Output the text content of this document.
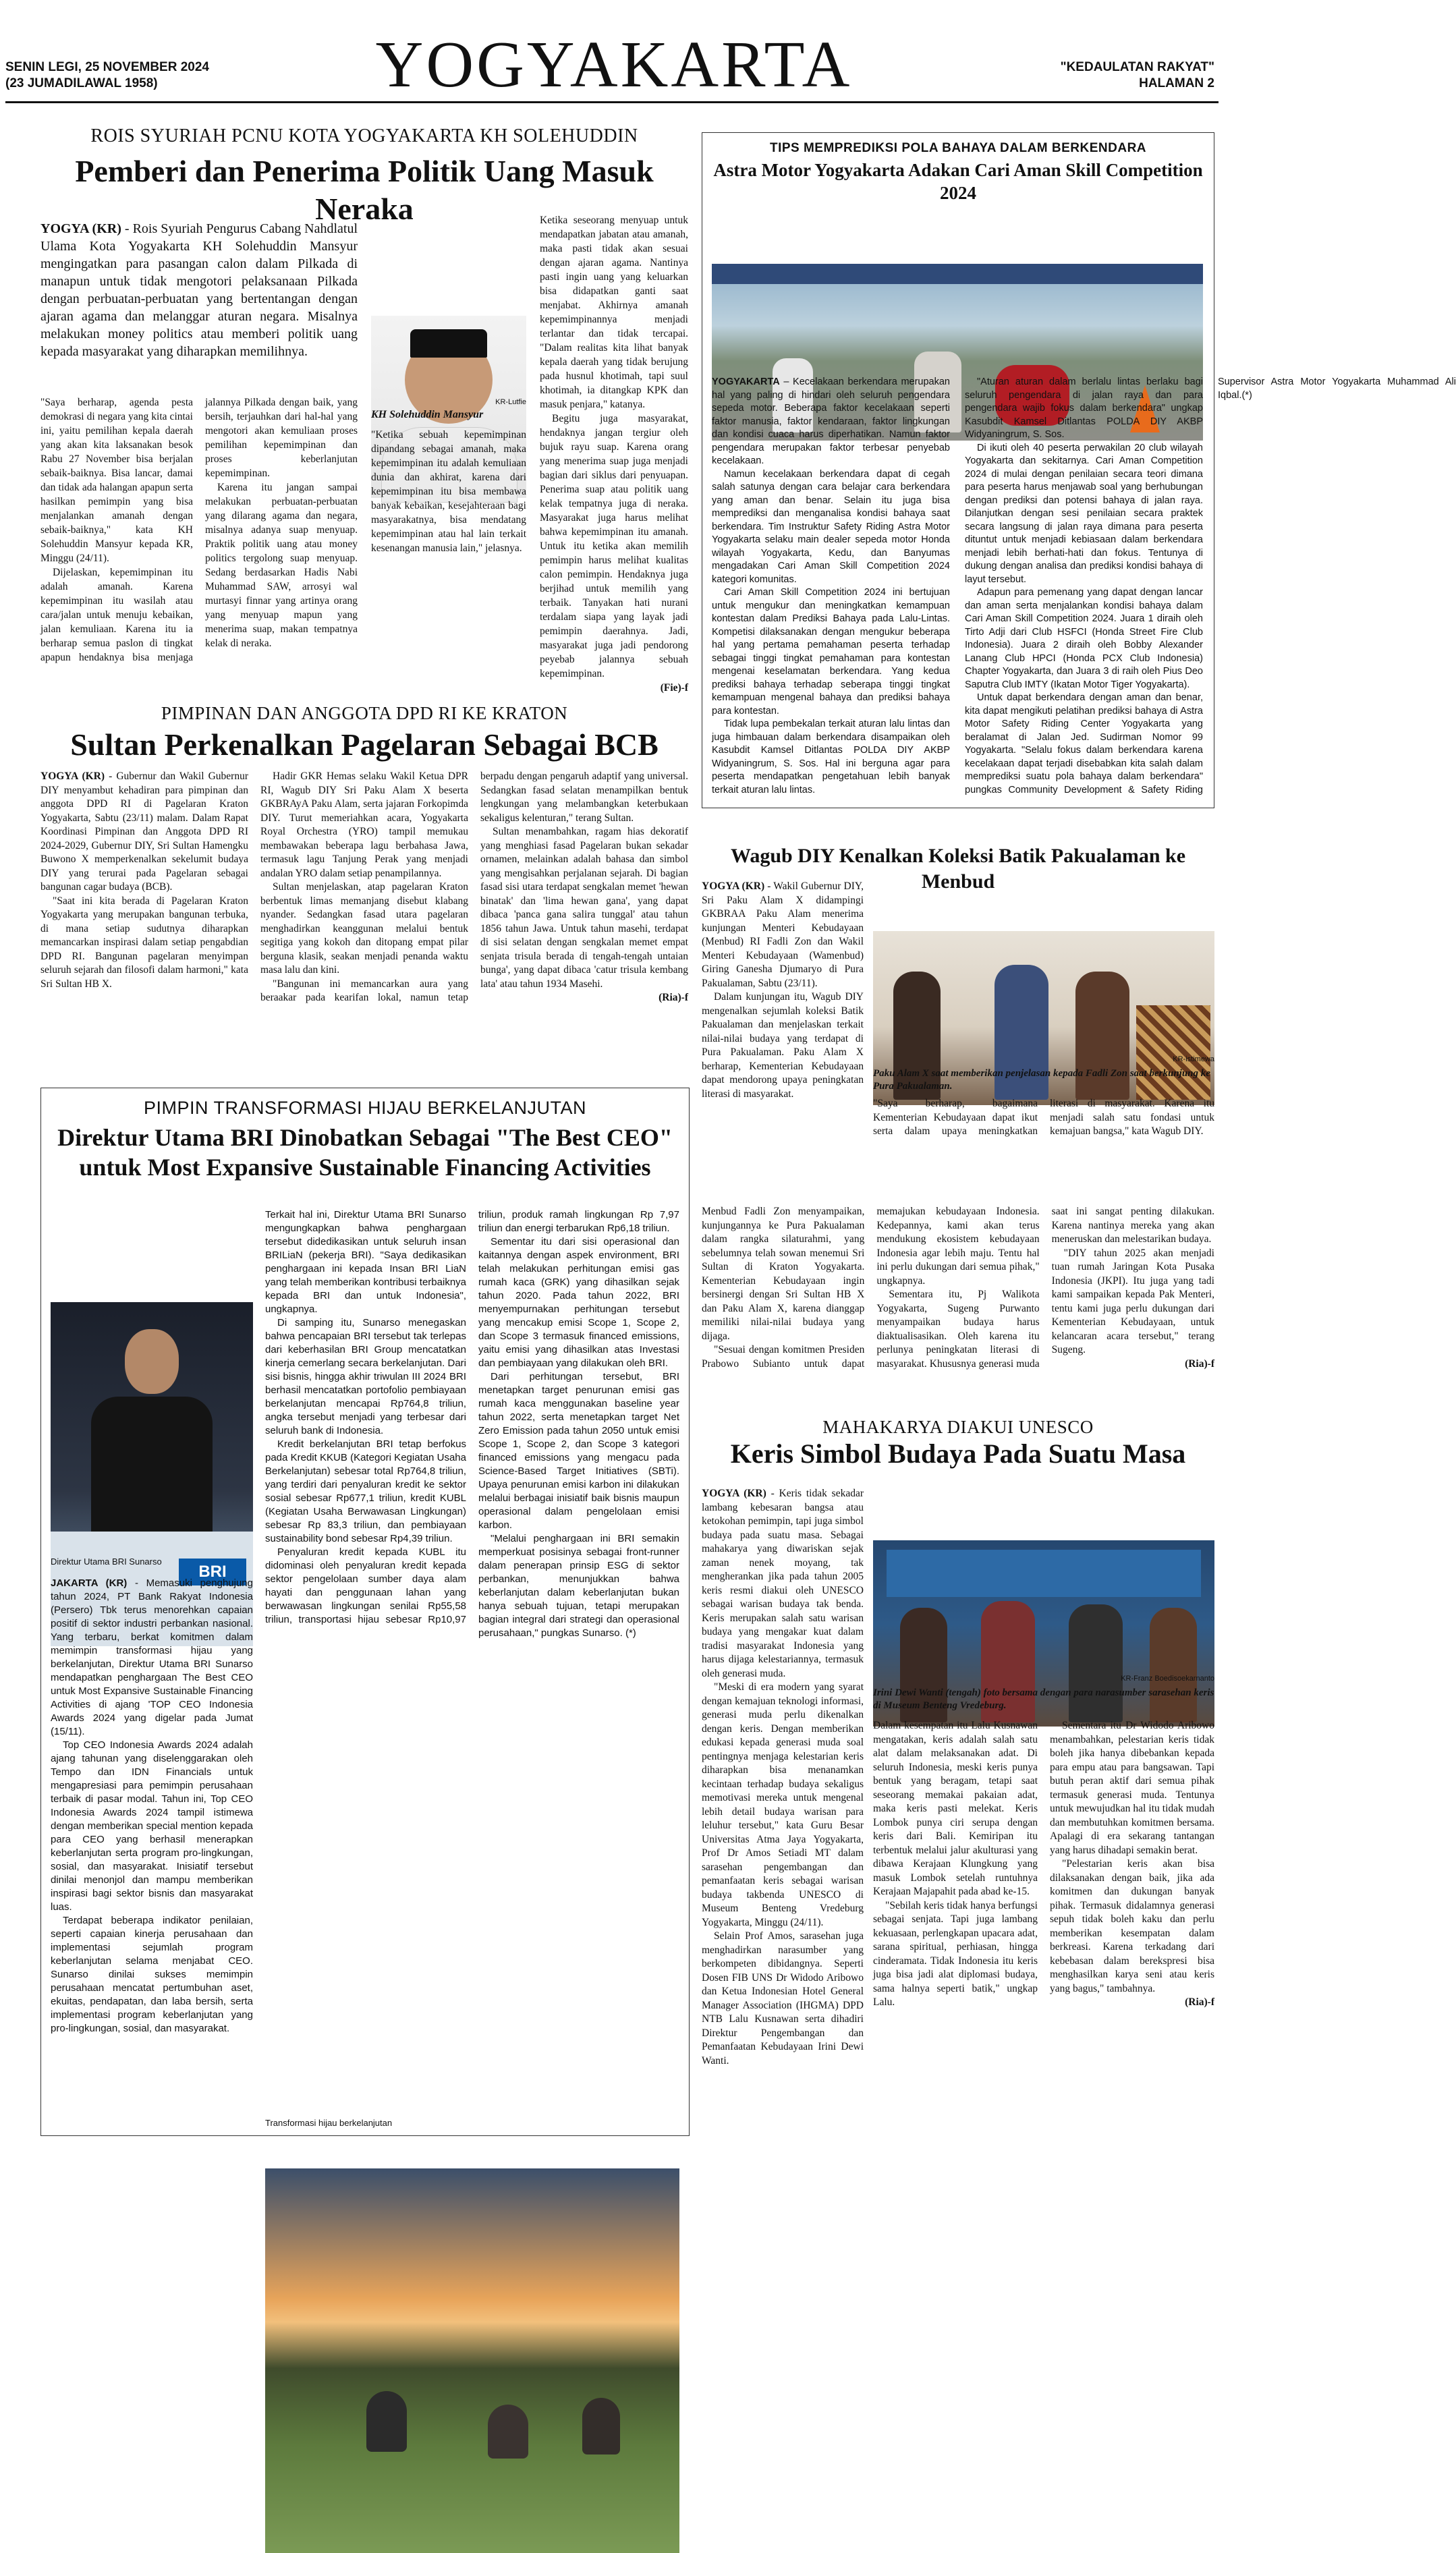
SENIN LEGI, 25 NOVEMBER 2024
(23 JUMADILAWAL 1958)	YOGYAKARTA	"KEDAULATAN RAKYAT"
HALAMAN 2
ROIS SYURIAH PCNU KOTA YOGYAKARTA KH SOLEHUDDIN
Pemberi dan Penerima Politik Uang Masuk Neraka
KR-Lutfie
KH Solehuddin Mansyur
YOGYA (KR) - Rois Syuriah Pengurus Cabang Nahdlatul Ulama Kota Yogyakarta KH Solehuddin Mansyur mengingatkan para pasangan calon dalam Pilkada di manapun untuk tidak mengotori pelaksanaan Pilkada dengan perbuatan-perbuatan yang bertentangan dengan ajaran agama dan melanggar aturan negara. Misalnya melakukan money politics atau memberi politik uang kepada masyarakat yang diharapkan memilihnya.

"Saya berharap, agenda pesta demokrasi di negara yang kita cintai ini, yaitu pemilihan kepala daerah yang akan kita laksanakan besok Rabu 27 November bisa berjalan sebaik-baiknya. Bisa lancar, damai dan tidak ada halangan apapun serta hasilkan pemimpin yang bisa menjalankan amanah dengan sebaik-baiknya," kata KH Solehuddin Mansyur kepada KR, Minggu (24/11).

Dijelaskan, kepemimpinan itu adalah amanah. Karena kepemimpinan itu wasilah atau cara/jalan untuk menuju kebaikan, jalan kemuliaan. Karena itu ia berharap semua paslon di tingkat apapun hendaknya bisa menjaga jalannya Pilkada dengan baik, yang bersih, terjauhkan dari hal-hal yang mengotori akan kemuliaan proses pemilihan kepemimpinan dan proses keberlanjutan kepemimpinan.

Karena itu jangan sampai melakukan perbuatan-perbuatan yang dilarang agama dan negara, misalnya adanya suap menyuap. Praktik politik uang atau money politics tergolong suap menyuap. Sedang berdasarkan Hadis Nabi Muhammad SAW, arrosyi wal murtasyi finnar yang artinya orang yang menyuap mapun yang menerima suap, makan tempatnya kelak di neraka.

"Ketika sebuah kepemimpinan dipandang sebagai amanah, maka kepemimpinan itu adalah kemuliaan dunia dan akhirat, karena dari kepemimpinan itu bisa membawa banyak kebaikan, kesejahteraan bagi masyarakatnya, bisa mendatang kepemimpinan atau hal lain terkait kesenangan manusia lain," jelasnya.

Ketika seseorang menyuap untuk mendapatkan jabatan atau amanah, maka pasti tidak akan sesuai dengan ajaran agama. Nantinya pasti ingin uang yang keluarkan bisa didapatkan ganti saat menjabat. Akhirnya amanah kepemimpinannya menjadi terlantar dan tidak tercapai. "Dalam realitas kita lihat banyak kepala daerah yang tidak berujung pada husnul khotimah, tapi suul khotimah, ia ditangkap KPK dan masuk penjara," katanya.

Begitu juga masyarakat, hendaknya jangan tergiur oleh bujuk rayu suap. Karena orang yang menerima suap juga menjadi bagian dari siklus dari penyuapan. Penerima suap atau politik uang kelak tempatnya juga di neraka. Masyarakat juga harus melihat bahwa kepemimpinan itu amanah. Untuk itu ketika akan memilih pemimpin harus melihat kualitas calon pemimpin. Hendaknya juga berjihad untuk memilih yang terbaik. Tanyakan hati nurani terdalam siapa yang layak jadi pemimpin daerahnya. Jadi, masyarakat juga jadi pendorong peyebab jalannya sebuah kepemimpinan.

(Fie)-f
TIPS MEMPREDIKSI POLA BAHAYA DALAM BERKENDARA
Astra Motor Yogyakarta Adakan Cari Aman Skill Competition 2024

YOGYAKARTA – Kecelakaan berkendara merupakan hal yang paling di hindari oleh seluruh pengendara sepeda motor. Beberapa faktor kecelakaan seperti faktor manusia, faktor kendaraan, faktor lingkungan dan kondisi cuaca harus diperhatikan. Namun faktor pengendara merupakan faktor terbesar penyebab kecelakaan.

Namun kecelakaan berkendara dapat di cegah salah satunya dengan cara belajar cara berkendara yang aman dan benar. Selain itu juga bisa memprediksi dan menganalisa kondisi bahaya saat berkendara. Tim Instruktur Safety Riding Astra Motor Yogyakarta selaku main dealer sepeda motor Honda wilayah Yogyakarta, Kedu, dan Banyumas mengadakan Cari Aman Skill Competition 2024 kategori komunitas.

Cari Aman Skill Competition 2024 ini bertujuan untuk mengukur dan meningkatkan kemampuan kontestan dalam Prediksi Bahaya pada Lalu-Lintas. Kompetisi dilaksanakan dengan mengukur beberapa hal yang pertama pemahaman peserta terhadap sebagai tinggi tingkat pemahaman para kontestan mengenai keselamatan berkendara. Yang kedua prediksi bahaya terhadap seberapa tinggi tingkat kemampuan mengenal bahaya dan prediksi bahaya para kontestan.

Tidak lupa pembekalan terkait aturan lalu lintas dan juga himbauan dalam berkendara disampaikan oleh Kasubdit Kamsel Ditlantas POLDA DIY AKBP Widyaningrum, S. Sos. Hal ini berguna agar para peserta mendapatkan pengetahuan lebih banyak terkait aturan lalu lintas.

"Aturan aturan dalam berlalu lintas berlaku bagi seluruh pengendara di jalan raya dan para pengendara wajib fokus dalam berkendara" ungkap Kasubdit Kamsel Ditlantas POLDA DIY AKBP Widyaningrum, S. Sos.

Di ikuti oleh 40 peserta perwakilan 20 club wilayah Yogyakarta dan sekitarnya. Cari Aman Competition 2024 di mulai dengan penilaian secara teori dimana para peserta harus menjawab soal yang berhubungan dengan prediksi dan potensi bahaya di jalan raya. Dilanjutkan dengan sesi penilaian secara praktek secara langsung di jalan raya dimana para peserta dituntut untuk menjadi kebiasaan dalam berkendara menjadi lebih berhati-hati dan fokus. Tentunya di dukung dengan analisa dan prediksi kondisi bahaya di layut tersebut.

Adapun para pemenang yang dapat dengan lancar dan aman serta menjalankan kondisi bahaya dalam Cari Aman Skill Competition 2024. Juara 1 diraih oleh Tirto Adji dari Club HSFCI (Honda Street Fire Club Indonesia). Juara 2 diraih oleh Bobby Alexander Lanang Club HPCI (Honda PCX Club Indonesia) Chapter Yogyakarta, dan Juara 3 di raih oleh Pius Deo Saputra Club IMTY (Ikatan Motor Tiger Yogyakarta).

Untuk dapat berkendara dengan aman dan benar, kita dapat mengikuti pelatihan prediksi bahaya di Astra Motor Safety Riding Center Yogyakarta yang beralamat di Jalan Jed. Sudirman Nomor 99 Yogyakarta. "Selalu fokus dalam berkendara karena kecelakaan dapat terjadi disebabkan kita salah dalam memprediksi suatu pola bahaya dalam berkendara" pungkas Community Development & Safety Riding Supervisor Astra Motor Yogyakarta Muhammad Ali Iqbal.(*)

PIMPINAN DAN ANGGOTA DPD RI KE KRATON
Sultan Perkenalkan Pagelaran Sebagai BCB

YOGYA (KR) - Gubernur dan Wakil Gubernur DIY menyambut kehadiran para pimpinan dan anggota DPD RI di Pagelaran Kraton Yogyakarta, Sabtu (23/11) malam. Dalam Rapat Koordinasi Pimpinan dan Anggota DPD RI 2024-2029, Gubernur DIY, Sri Sultan Hamengku Buwono X memperkenalkan sekelumit budaya DIY yang terurai pada Pagelaran sebagai bangunan cagar budaya (BCB).

"Saat ini kita berada di Pagelaran Kraton Yogyakarta yang merupakan bangunan terbuka, di mana setiap sudutnya diharapkan memancarkan inspirasi dalam setiap pengabdian DPD RI. Bangunan pagelaran menyimpan seluruh sejarah dan filosofi dalam harmoni," kata Sri Sultan HB X.

Hadir GKR Hemas selaku Wakil Ketua DPR RI, Wagub DIY Sri Paku Alam X beserta GKBRAyA Paku Alam, serta jajaran Forkopimda DIY. Turut memeriahkan acara, Yogyakarta Royal Orchestra (YRO) tampil memukau membawakan beberapa lagu berbahasa Jawa, termasuk lagu Tanjung Perak yang menjadi andalan YRO dalam setiap penampilannya.

Sultan menjelaskan, atap pagelaran Kraton berbentuk limas memanjang disebut klabang nyander. Sedangkan fasad utara pagelaran menghadirkan keanggunan melalui bentuk segitiga yang kokoh dan ditopang empat pilar berguna klasik, seakan menjadi penanda waktu masa lalu dan kini.

"Bangunan ini memancarkan aura yang beraakar pada kearifan lokal, namun tetap berpadu dengan pengaruh adaptif yang universal. Sedangkan fasad selatan menampilkan bentuk lengkungan yang melambangkan keterbukaan sekaligus kelenturan," terang Sultan.

Sultan menambahkan, ragam hias dekoratif yang menghiasi fasad Pagelaran bukan sekadar ornamen, melainkan adalah bahasa dan simbol yang mengisahkan perjalanan sejarah. Di bagian fasad sisi utara terdapat sengkalan memet 'hewan binatak' dan 'lima hewan gana', yang dapat dibaca 'panca gana salira tunggal' atau tahun 1856 tahun Jawa. Untuk tahun masehi, terdapat di sisi selatan dengan sengkalan memet empat senjata trisula berada di tengah-tengah untaian bunga', yang dapat dibaca 'catur trisula kembang lata' atau tahun 1934 Masehi.

(Ria)-f
PIMPIN TRANSFORMASI HIJAU BERKELANJUTAN
Direktur Utama BRI Dinobatkan Sebagai "The Best CEO" untuk Most Expansive Sustainable Financing Activities
BRI
Direktur Utama BRI Sunarso

JAKARTA (KR) - Memasuki penghujung tahun 2024, PT Bank Rakyat Indonesia (Persero) Tbk terus menorehkan capaian positif di sektor industri perbankan nasional. Yang terbaru, berkat komitmen dalam memimpin transformasi hijau yang berkelanjutan, Direktur Utama BRI Sunarso mendapatkan penghargaan The Best CEO untuk Most Expansive Sustainable Financing Activities di ajang 'TOP CEO Indonesia Awards 2024 yang digelar pada Jumat (15/11).

Top CEO Indonesia Awards 2024 adalah ajang tahunan yang diselenggarakan oleh Tempo dan IDN Financials untuk mengapresiasi para pemimpin perusahaan terbaik di pasar modal. Tahun ini, Top CEO Indonesia Awards 2024 tampil istimewa dengan memberikan special mention kepada para CEO yang berhasil menerapkan keberlanjutan serta program pro-lingkungan, sosial, dan masyarakat. Inisiatif tersebut dinilai menonjol dan mampu memberikan inspirasi bagi sektor bisnis dan masyarakat luas.

Terdapat beberapa indikator penilaian, seperti capaian kinerja perusahaan dan implementasi sejumlah program keberlanjutan selama menjabat CEO. Sunarso dinilai sukses memimpin perusahaan mencatat pertumbuhan aset, ekuitas, pendapatan, dan laba bersih, serta implementasi program keberlanjutan yang pro-lingkungan, sosial, dan masyarakat.

Terkait hal ini, Direktur Utama BRI Sunarso mengungkapkan bahwa penghargaan tersebut didedikasikan untuk seluruh insan BRILiaN (pekerja BRI). "Saya dedikasikan penghargaan ini kepada Insan BRI LiaN yang telah memberikan kontribusi terbaiknya kepada BRI dan untuk Indonesia", ungkapnya.

Di samping itu, Sunarso menegaskan bahwa pencapaian BRI tersebut tak terlepas dari keberhasilan BRI Group mencatatkan kinerja cemerlang secara berkelanjutan. Dari sisi bisnis, hingga akhir triwulan III 2024 BRI berhasil mencatatkan portofolio pembiayaan berkelanjutan mencapai Rp764,8 triliun, angka tersebut menjadi yang terbesar dari seluruh bank di Indonesia.

Kredit berkelanjutan BRI tetap berfokus pada Kredit KKUB (Kategori Kegiatan Usaha Berkelanjutan) sebesar total Rp764,8 triliun, yang terdiri dari penyaluran kredit ke sektor sosial sebesar Rp677,1 triliun, kredit KUBL (Kegiatan Usaha Berwawasan Lingkungan) sebesar Rp 83,3 triliun, dan pembiayaan sustainability bond sebesar Rp4,39 triliun.

Penyaluran kredit kepada KUBL itu didominasi oleh penyaluran kredit kepada sektor pengelolaan sumber daya alam hayati dan penggunaan lahan yang berwawasan lingkungan senilai Rp55,58 triliun, transportasi hijau sebesar Rp10,97 triliun, produk ramah lingkungan Rp 7,97 triliun dan energi terbarukan Rp6,18 triliun.

Sementar itu dari sisi operasional dan kaitannya dengan aspek environment, BRI telah melakukan perhitungan emisi gas rumah kaca (GRK) yang dihasilkan sejak tahun 2020. Pada tahun 2022, BRI menyempurnakan perhitungan tersebut yang mencakup emisi Scope 1, Scope 2, dan Scope 3 termasuk financed emissions, yaitu emisi yang dihasilkan atas Investasi dan pembiayaan yang dilakukan oleh BRI.

Dari perhitungan tersebut, BRI menetapkan target penurunan emisi gas rumah kaca menggunakan baseline year tahun 2022, serta menetapkan target Net Zero Emission pada tahun 2050 untuk emisi Scope 1, Scope 2, dan Scope 3 kategori financed emissions yang mengacu pada Science-Based Target Initiatives (SBTi). Upaya penurunan emisi karbon ini dilakukan melalui berbagai inisiatif baik bisnis maupun operasional dalam pengelolaan emisi karbon.

"Melalui penghargaan ini BRI semakin memperkuat posisinya sebagai front-runner dalam penerapan prinsip ESG di sektor perbankan, menunjukkan bahwa keberlanjutan dalam keberlanjutan bukan hanya sebuah tujuan, tetapi merupakan bagian integral dari strategi dan operasional perusahaan," pungkas Sunarso. (*)

Transformasi hijau berkelanjutan
Wagub DIY Kenalkan Koleksi Batik Pakualaman ke Menbud
KR-istimewa
Paku Alam X saat memberikan penjelasan kepada Fadli Zon saat berkunjung ke Pura Pakualaman.

YOGYA (KR) - Wakil Gubernur DIY, Sri Paku Alam X didampingi GKBRAA Paku Alam menerima kunjungan Menteri Kebudayaan (Menbud) RI Fadli Zon dan Wakil Menteri Kebudayaan (Wamenbud) Giring Ganesha Djumaryo di Pura Pakualaman, Sabtu (23/11).

Dalam kunjungan itu, Wagub DIY mengenalkan sejumlah koleksi Batik Pakualaman dan menjelaskan terkait nilai-nilai budaya yang terdapat di Pura Pakualaman. Paku Alam X berharap, Kementerian Kebudayaan dapat mendorong upaya peningkatan literasi di masyarakat.

"Saya berharap, bagaimana Kementerian Kebudayaan dapat ikut serta dalam upaya meningkatkan literasi di masyarakat. Karena itu menjadi salah satu fondasi untuk kemajuan bangsa," kata Wagub DIY.

Menbud Fadli Zon menyampaikan, kunjungannya ke Pura Pakualaman dalam rangka silaturahmi, yang sebelumnya telah sowan menemui Sri Sultan di Kraton Yogyakarta. Kementerian Kebudayaan ingin bersinergi dengan Sri Sultan HB X dan Paku Alam X, karena dianggap memiliki nilai-nilai budaya yang dijaga.

"Sesuai dengan komitmen Presiden Prabowo Subianto untuk dapat memajukan kebudayaan Indonesia. Kedepannya, kami akan terus mendukung ekosistem kebudayaan Indonesia agar lebih maju. Tentu hal ini perlu dukungan dari semua pihak," ungkapnya.

Sementara itu, Pj Walikota Yogyakarta, Sugeng Purwanto menyampaikan budaya harus diaktualisasikan. Oleh karena itu perlunya peningkatan literasi di masyarakat. Khususnya generasi muda saat ini sangat penting dilakukan. Karena nantinya mereka yang akan meneruskan dan melestarikan budaya.

"DIY tahun 2025 akan menjadi tuan rumah Jaringan Kota Pusaka Indonesia (JKPI). Itu juga yang tadi kami sampaikan kepada Pak Menteri, tentu kami juga perlu dukungan dari Kementerian Kebudayaan, untuk kelancaran acara tersebut," terang Sugeng.

(Ria)-f
MAHAKARYA DIAKUI UNESCO
Keris Simbol Budaya Pada Suatu Masa
KR-Franz Boedisoekarnanto
Irini Dewi Wanti (tengah) foto bersama dengan para narasumber sarasehan keris di Museum Benteng Vredeburg.

YOGYA (KR) - Keris tidak sekadar lambang kebesaran bangsa atau ketokohan pemimpin, tapi juga simbol budaya pada suatu masa. Sebagai mahakarya yang diwariskan sejak zaman nenek moyang, tak mengherankan jika pada tahun 2005 keris resmi diakui oleh UNESCO sebagai warisan budaya tak benda. Keris merupakan salah satu warisan budaya yang mengakar kuat dalam tradisi masyarakat Indonesia yang harus dijaga kelestariannya, termasuk oleh generasi muda.

"Meski di era modern yang syarat dengan kemajuan teknologi informasi, generasi muda perlu dikenalkan dengan keris. Dengan memberikan edukasi kepada generasi muda soal pentingnya menjaga kelestarian keris diharapkan bisa menanamkan kecintaan terhadap budaya sekaligus memotivasi mereka untuk mengenal lebih detail budaya warisan para leluhur tersebut," kata Guru Besar Universitas Atma Jaya Yogyakarta, Prof Dr Amos Setiadi MT dalam sarasehan pengembangan dan pemanfaatan keris sebagai warisan budaya takbenda UNESCO di Museum Benteng Vredeburg Yogyakarta, Minggu (24/11).

Selain Prof Amos, sarasehan juga menghadirkan narasumber yang berkompeten dibidangnya. Seperti Dosen FIB UNS Dr Widodo Aribowo dan Ketua Indonesian Hotel General Manager Association (IHGMA) DPD NTB Lalu Kusnawan serta dihadiri Direktur Pengembangan dan Pemanfaatan Kebudayaan Irini Dewi Wanti.

Dalam kesempatan itu Lalu Kusnawan mengatakan, keris adalah salah satu alat dalam melaksanakan adat. Di seluruh Indonesia, meski keris punya bentuk yang beragam, tetapi saat seseorang memakai pakaian adat, maka keris pasti melekat. Keris Lombok punya ciri serupa dengan keris dari Bali. Kemiripan itu terbentuk melalui jalur akulturasi yang dibawa Kerajaan Klungkung yang masuk Lombok setelah runtuhnya Kerajaan Majapahit pada abad ke-15.

"Sebilah keris tidak hanya berfungsi sebagai senjata. Tapi juga lambang kekuasaan, perlengkapan upacara adat, sarana spiritual, perhiasan, hingga cinderamata. Tidak Indonesia itu keris juga bisa jadi alat diplomasi budaya, sama halnya seperti batik," ungkap Lalu.

Sementara itu Dr Widodo Aribowo menambahkan, pelestarian keris tidak boleh jika hanya dibebankan kepada para empu atau para bangsawan. Tapi butuh peran aktif dari semua pihak termasuk generasi muda. Tentunya untuk mewujudkan hal itu tidak mudah dan membutuhkan komitmen bersama. Apalagi di era sekarang tantangan yang harus dihadapi semakin berat.

"Pelestarian keris akan bisa dilaksanakan dengan baik, jika ada komitmen dan dukungan banyak pihak. Termasuk didalamnya generasi sepuh tidak boleh kaku dan perlu memberikan kesempatan dalam berkreasi. Karena terkadang dari kebebasan dalam berekspresi bisa menghasilkan karya seni atau keris yang bagus," tambahnya.

(Ria)-f
